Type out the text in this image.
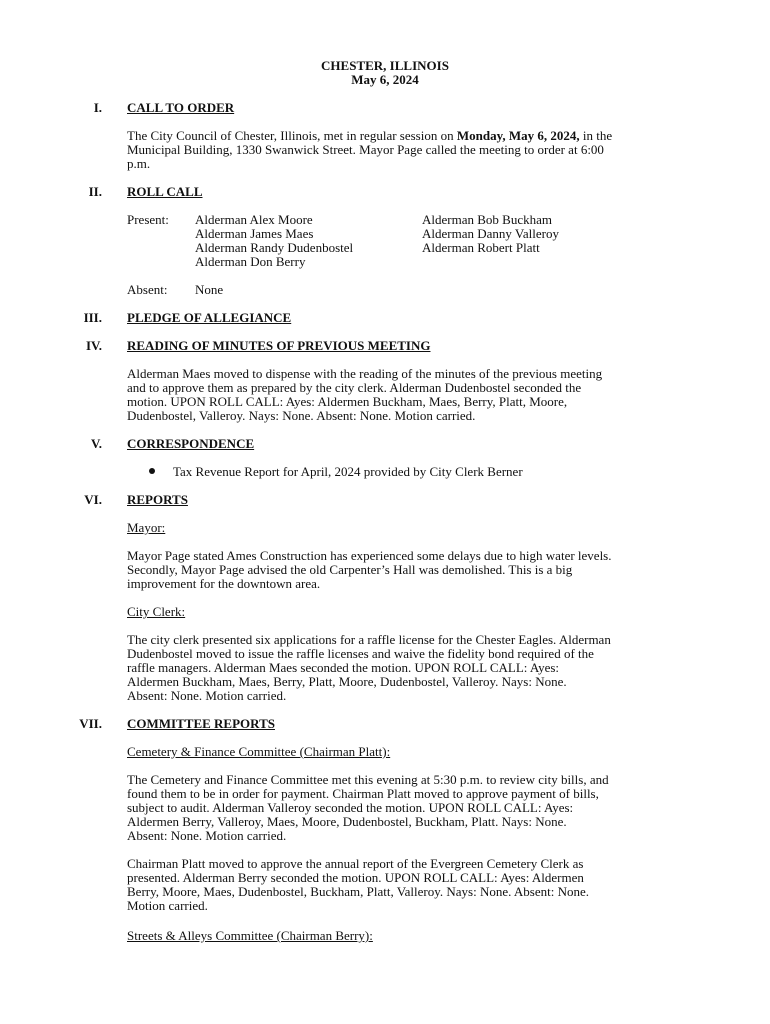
CHESTER, ILLINOIS
May 6, 2024
I. CALL TO ORDER
The City Council of Chester, Illinois, met in regular session on Monday, May 6, 2024, in the
Municipal Building, 1330 Swanwick Street. Mayor Page called the meeting to order at 6:00
p.m.
II. ROLL CALL
Present: Alderman Alex Moore
Alderman James Maes
Alderman Randy Dudenbostel
Alderman Don Berry
Alderman Bob Buckham
Alderman Danny Valleroy
Alderman Robert Platt
Absent: None
III. PLEDGE OF ALLEGIANCE
IV. READING OF MINUTES OF PREVIOUS MEETING
Alderman Maes moved to dispense with the reading of the minutes of the previous meeting
and to approve them as prepared by the city clerk. Alderman Dudenbostel seconded the
motion. UPON ROLL CALL: Ayes: Aldermen Buckham, Maes, Berry, Platt, Moore,
Dudenbostel, Valleroy. Nays: None. Absent: None. Motion carried.
V. CORRESPONDENCE
Tax Revenue Report for April, 2024 provided by City Clerk Berner
VI. REPORTS
Mayor:
Mayor Page stated Ames Construction has experienced some delays due to high water levels.
Secondly, Mayor Page advised the old Carpenter’s Hall was demolished. This is a big
improvement for the downtown area.
City Clerk:
The city clerk presented six applications for a raffle license for the Chester Eagles. Alderman
Dudenbostel moved to issue the raffle licenses and waive the fidelity bond required of the
raffle managers. Alderman Maes seconded the motion. UPON ROLL CALL: Ayes:
Aldermen Buckham, Maes, Berry, Platt, Moore, Dudenbostel, Valleroy. Nays: None.
Absent: None. Motion carried.
VII. COMMITTEE REPORTS
Cemetery & Finance Committee (Chairman Platt):
The Cemetery and Finance Committee met this evening at 5:30 p.m. to review city bills, and
found them to be in order for payment. Chairman Platt moved to approve payment of bills,
subject to audit. Alderman Valleroy seconded the motion. UPON ROLL CALL: Ayes:
Aldermen Berry, Valleroy, Maes, Moore, Dudenbostel, Buckham, Platt. Nays: None.
Absent: None. Motion carried.
Chairman Platt moved to approve the annual report of the Evergreen Cemetery Clerk as
presented. Alderman Berry seconded the motion. UPON ROLL CALL: Ayes: Aldermen
Berry, Moore, Maes, Dudenbostel, Buckham, Platt, Valleroy. Nays: None. Absent: None.
Motion carried.
Streets & Alleys Committee (Chairman Berry):
